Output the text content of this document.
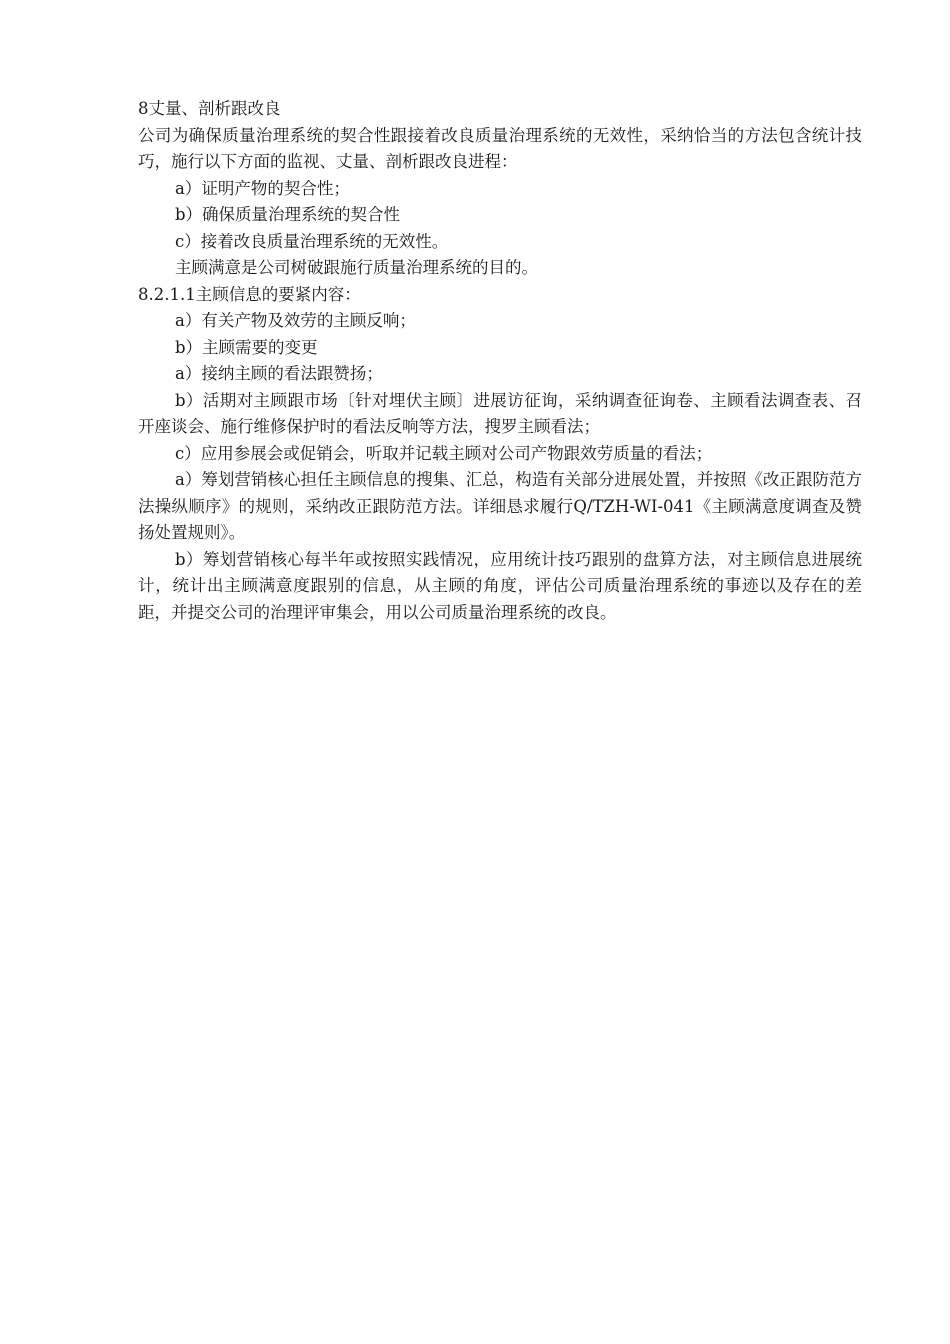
8丈量、剖析跟改良

公司为确保质量治理系统的契合性跟接着改良质量治理系统的无效性，采纳恰当的方法包含统计技巧，施行以下方面的监视、丈量、剖析跟改良进程：

a）证明产物的契合性；

b）确保质量治理系统的契合性

c）接着改良质量治理系统的无效性。

主顾满意是公司树破跟施行质量治理系统的目的。

8.2.1.1主顾信息的要紧内容：

a）有关产物及效劳的主顾反响；

b）主顾需要的变更

a）接纳主顾的看法跟赞扬；

b）活期对主顾跟市场〔针对埋伏主顾〕进展访征询，采纳调查征询卷、主顾看法调查表、召开座谈会、施行维修保护时的看法反响等方法，搜罗主顾看法；

c）应用参展会或促销会，听取并记载主顾对公司产物跟效劳质量的看法；

a）筹划营销核心担任主顾信息的搜集、汇总，构造有关部分进展处置，并按照《改正跟防范方法操纵顺序》的规则，采纳改正跟防范方法。详细恳求履行Q/TZH-WI-041《主顾满意度调查及赞扬处置规则》。

b）筹划营销核心每半年或按照实践情况，应用统计技巧跟别的盘算方法，对主顾信息进展统计，统计出主顾满意度跟别的信息，从主顾的角度，评估公司质量治理系统的事迹以及存在的差距，并提交公司的治理评审集会，用以公司质量治理系统的改良。
